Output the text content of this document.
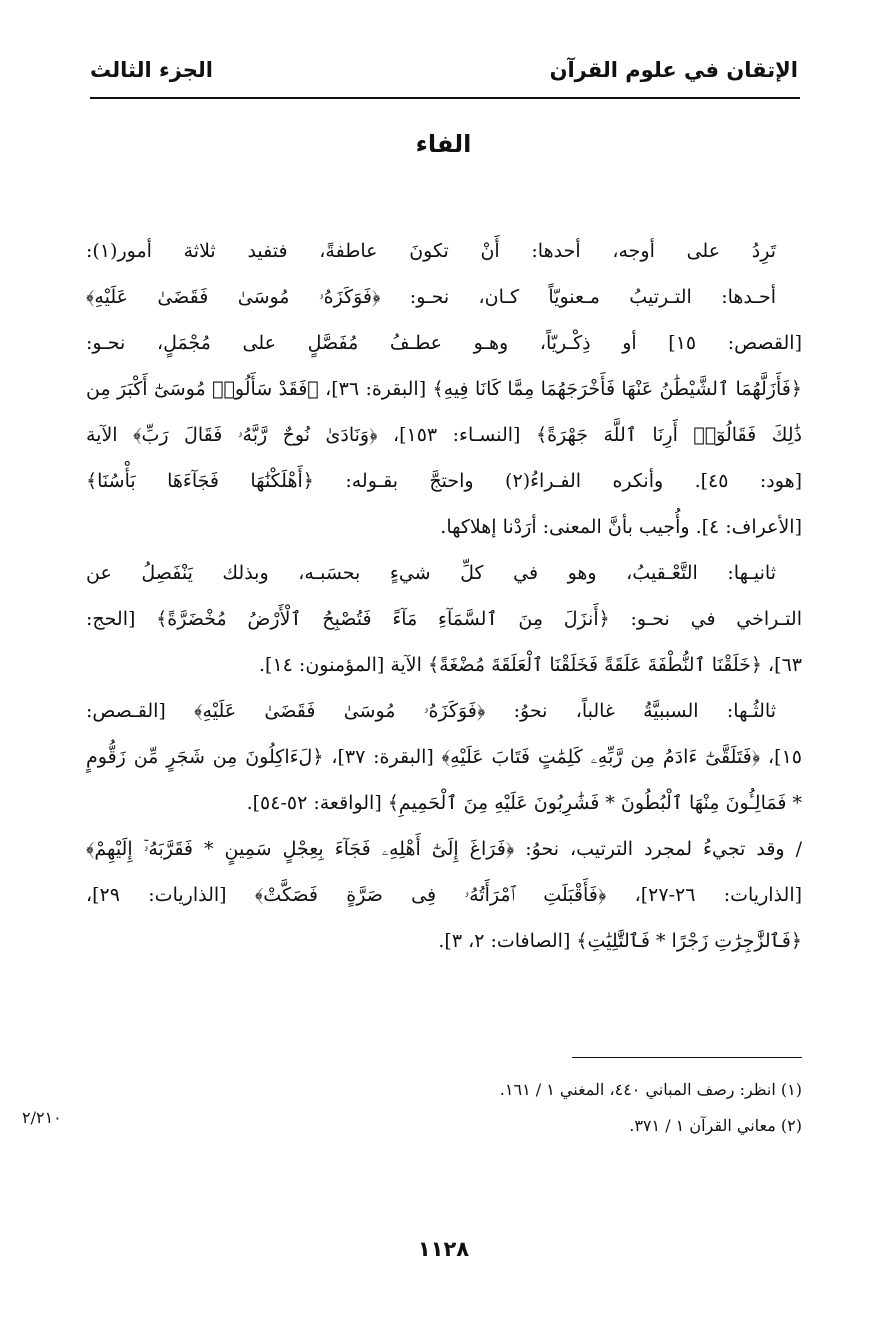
الإتقان في علوم القرآن
الجزء الثالث
الفاء
تَرِدُ على أوجه، أحدها: أَنْ تكونَ عاطفةً، فتفيد ثلاثة أمور(١):
أحـدها: التـرتيبُ مـعنويّاً كـان، نحـو: ﴿فَوَكَزَهُۥ مُوسَىٰ فَقَضَىٰ عَلَيْهِ﴾
[القصص: ١٥] أو ذِكْـريّاً، وهـو عطـفُ مُفَصَّلٍ على مُجْمَلٍ، نحـو:
﴿فَأَزَلَّهُمَا ٱلشَّيْطَٰنُ عَنْهَا فَأَخْرَجَهُمَا مِمَّا كَانَا فِيهِ﴾ [البقرة: ٣٦]، ﴿فَقَدْ سَأَلُوا۟ مُوسَىٰٓ أَكْبَرَ مِن
ذَٰلِكَ فَقَالُوٓا۟ أَرِنَا ٱللَّهَ جَهْرَةً﴾ [النسـاء: ١٥٣]، ﴿وَنَادَىٰ نُوحٌ رَّبَّهُۥ فَقَالَ رَبِّ﴾ الآية
[هود: ٤٥]. وأنكره الفـراءُ(٢) واحتجَّ بقـوله: ﴿أَهْلَكْنَٰهَا فَجَآءَهَا بَأْسُنَا﴾
[الأعراف: ٤]. وأُجيب بأنَّ المعنى: أرَدْنا إهلاكها.
ثانيـها: التَّعْـقيبُ، وهو في كلِّ شيءٍ بحسَبـه، وبذلك يَنْفَصِلُ عن
التـراخي في نحـو: ﴿أَنزَلَ مِنَ ٱلسَّمَآءِ مَآءً فَتُصْبِحُ ٱلْأَرْضُ مُخْضَرَّةً﴾ [الحج:
٦٣]، ﴿خَلَقْنَا ٱلنُّطْفَةَ عَلَقَةً فَخَلَقْنَا ٱلْعَلَقَةَ مُضْغَةً﴾ الآية [المؤمنون: ١٤].
ثالثُـها: السببيَّةُ غالباً، نحوُ: ﴿فَوَكَزَهُۥ مُوسَىٰ فَقَضَىٰ عَلَيْهِ﴾ [القـصص:
١٥]، ﴿فَتَلَقَّىٰٓ ءَادَمُ مِن رَّبِّهِۦ كَلِمَٰتٍ فَتَابَ عَلَيْهِ﴾ [البقرة: ٣٧]، ﴿لَءَاكِلُونَ مِن شَجَرٍ مِّن زَقُّومٍ
* فَمَالِـُٔونَ مِنْهَا ٱلْبُطُونَ * فَشَٰرِبُونَ عَلَيْهِ مِنَ ٱلْحَمِيمِ﴾ [الواقعة: ٥٢-٥٤].
/ وقد تجيءُ لمجرد الترتيب، نحوُ: ﴿فَرَاغَ إِلَىٰٓ أَهْلِهِۦ فَجَآءَ بِعِجْلٍ سَمِينٍ * فَقَرَّبَهُۥٓ إِلَيْهِمْ﴾
[الذاريات: ٢٦-٢٧]، ﴿فَأَقْبَلَتِ ٱمْرَأَتُهُۥ فِى صَرَّةٍ فَصَكَّتْ﴾ [الذاريات: ٢٩]،
﴿فَٱلزَّٰجِرَٰتِ زَجْرًا * فَٱلتَّٰلِيَٰتِ﴾ [الصافات: ٢، ٣].
٢/٢١٠
(١) انظر: رصف المباني ٤٤٠، المغني ١ / ١٦١.
(٢) معاني القرآن ١ / ٣٧١.
١١٢٨
